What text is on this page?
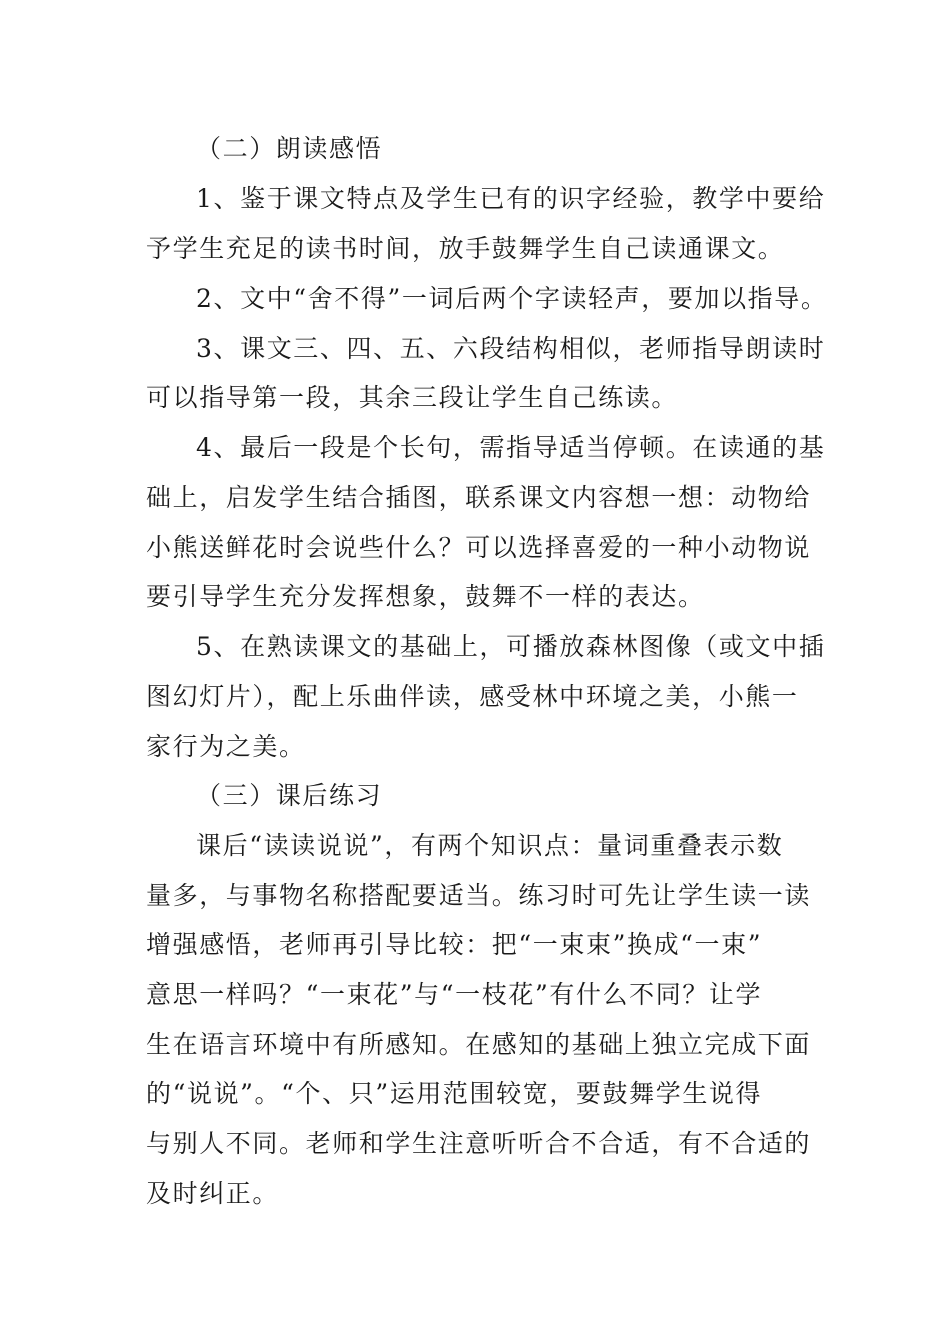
（二）朗读感悟

1、鉴于课文特点及学生已有的识字经验，教学中要给

予学生充足的读书时间，放手鼓舞学生自己读通课文。

2、文中“舍不得”一词后两个字读轻声，要加以指导。

3、课文三、四、五、六段结构相似，老师指导朗读时

可以指导第一段，其余三段让学生自己练读。

4、最后一段是个长句，需指导适当停顿。在读通的基

础上，启发学生结合插图，联系课文内容想一想：动物给

小熊送鲜花时会说些什么？可以选择喜爱的一种小动物说

要引导学生充分发挥想象，鼓舞不一样的表达。

5、在熟读课文的基础上，可播放森林图像（或文中插

图幻灯片），配上乐曲伴读，感受林中环境之美，小熊一

家行为之美。

（三）课后练习

课后“读读说说”，有两个知识点：量词重叠表示数

量多，与事物名称搭配要适当。练习时可先让学生读一读

增强感悟，老师再引导比较：把“一束束”换成“一束”

意思一样吗？“一束花”与“一枝花”有什么不同？让学

生在语言环境中有所感知。在感知的基础上独立完成下面

的“说说”。“个、只”运用范围较宽，要鼓舞学生说得

与别人不同。老师和学生注意听听合不合适，有不合适的

及时纠正。
